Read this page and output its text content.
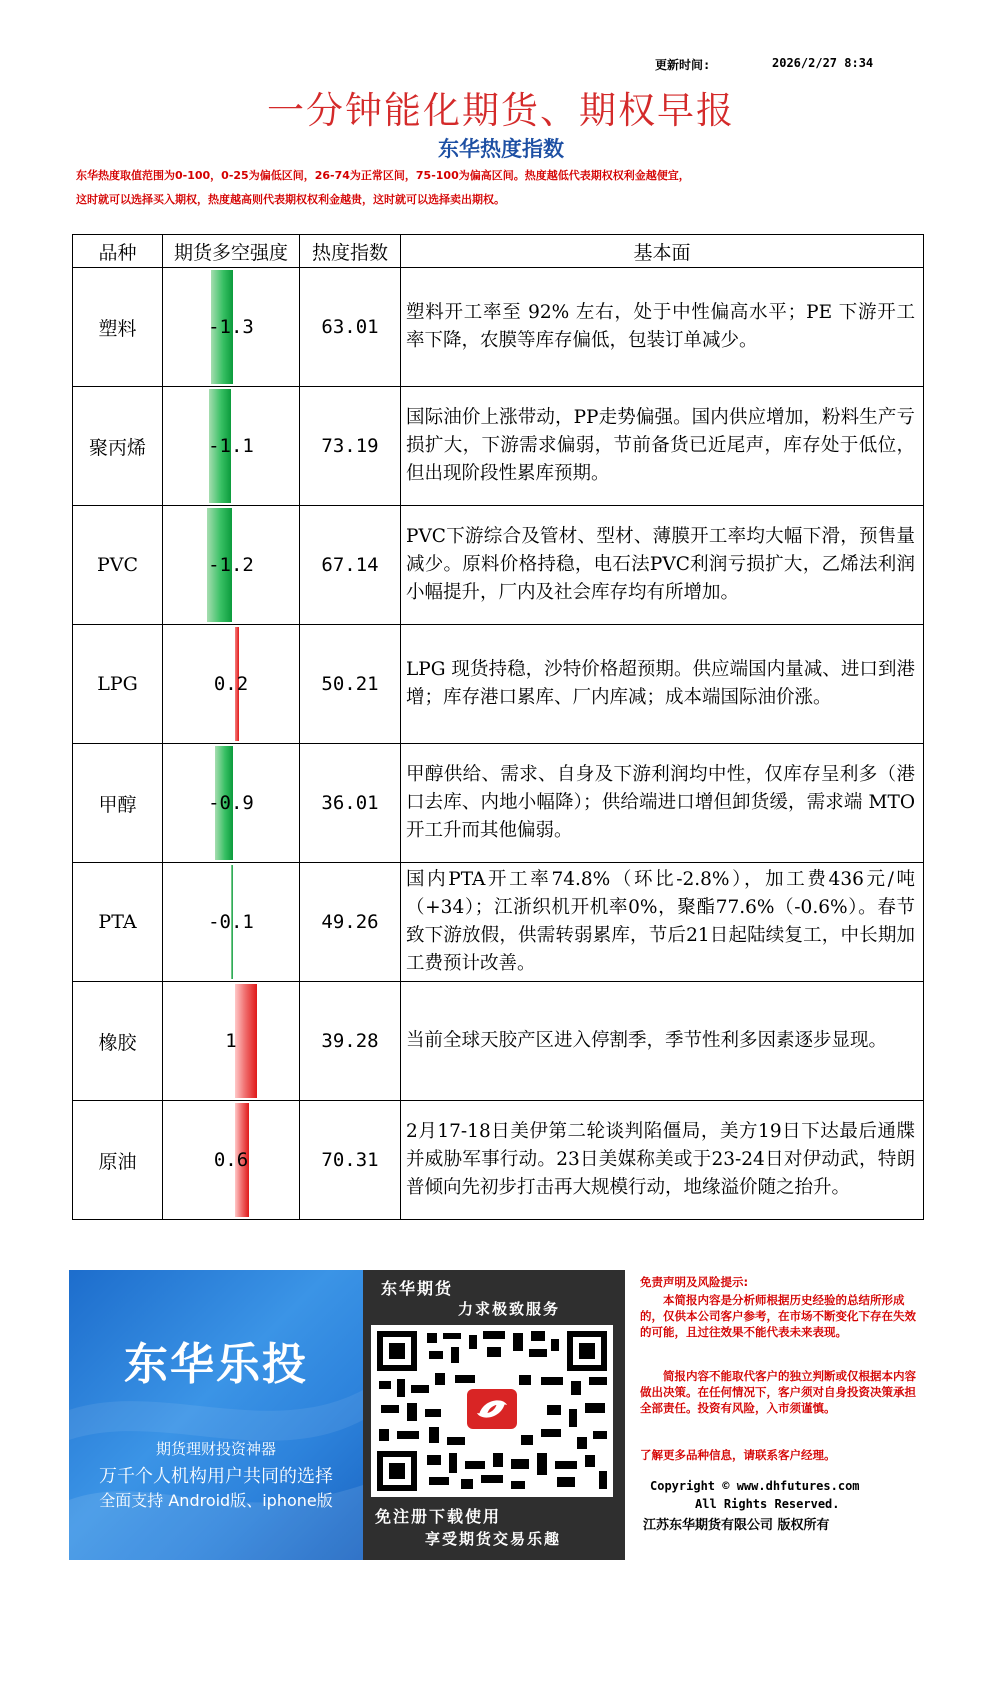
更新时间:	2026/2/27 8:34
一分钟能化期货、期权早报
东华热度指数
东华热度取值范围为0-100，0-25为偏低区间，26-74为正常区间，75-100为偏高区间。热度越低代表期权权利金越便宜，
这时就可以选择买入期权，热度越高则代表期权权利金越贵，这时就可以选择卖出期权。
品种	期货多空强度	热度指数	基本面
塑料	-1.3	63.01	塑料开工率至 92% 左右，处于中性偏高水平；PE 下游开工率下降，农膜等库存偏低，包装订单减少。
聚丙烯	-1.1	73.19	国际油价上涨带动，PP走势偏强。国内供应增加，粉料生产亏损扩大，下游需求偏弱，节前备货已近尾声，库存处于低位，但出现阶段性累库预期。
PVC	-1.2	67.14	PVC下游综合及管材、型材、薄膜开工率均大幅下滑，预售量减少。原料价格持稳，电石法PVC利润亏损扩大，乙烯法利润小幅提升，厂内及社会库存均有所增加。
LPG	0.2	50.21	LPG 现货持稳，沙特价格超预期。供应端国内量减、进口到港增；库存港口累库、厂内库减；成本端国际油价涨。
甲醇	-0.9	36.01	甲醇供给、需求、自身及下游利润均中性，仅库存呈利多（港口去库、内地小幅降）；供给端进口增但卸货缓，需求端 MTO 开工升而其他偏弱。
PTA	-0.1	49.26	国内PTA开工率74.8%（环比-2.8%），加工费436元/吨（+34）；江浙织机开机率0%，聚酯77.6%（-0.6%）。春节致下游放假，供需转弱累库，节后21日起陆续复工，中长期加工费预计改善。
橡胶	1	39.28	当前全球天胶产区进入停割季，季节性利多因素逐步显现。
原油	0.6	70.31	2月17-18日美伊第二轮谈判陷僵局，美方19日下达最后通牒并威胁军事行动。23日美媒称美或于23-24日对伊动武，特朗普倾向先初步打击再大规模行动，地缘溢价随之抬升。
东华乐投
期货理财投资神器
万千个人机构用户共同的选择
全面支持 Android版、iphone版
东华期货
力求极致服务
免注册下载使用
享受期货交易乐趣
免责声明及风险提示:
本简报内容是分析师根据历史经验的总结所形成的，仅供本公司客户参考，在市场不断变化下存在失效的可能，且过往效果不能代表未来表现。
简报内容不能取代客户的独立判断或仅根据本内容做出决策。在任何情况下，客户须对自身投资决策承担全部责任。投资有风险，入市须谨慎。
了解更多品种信息，请联系客户经理。
Copyright © www.dhfutures.com
All Rights Reserved.
江苏东华期货有限公司 版权所有
